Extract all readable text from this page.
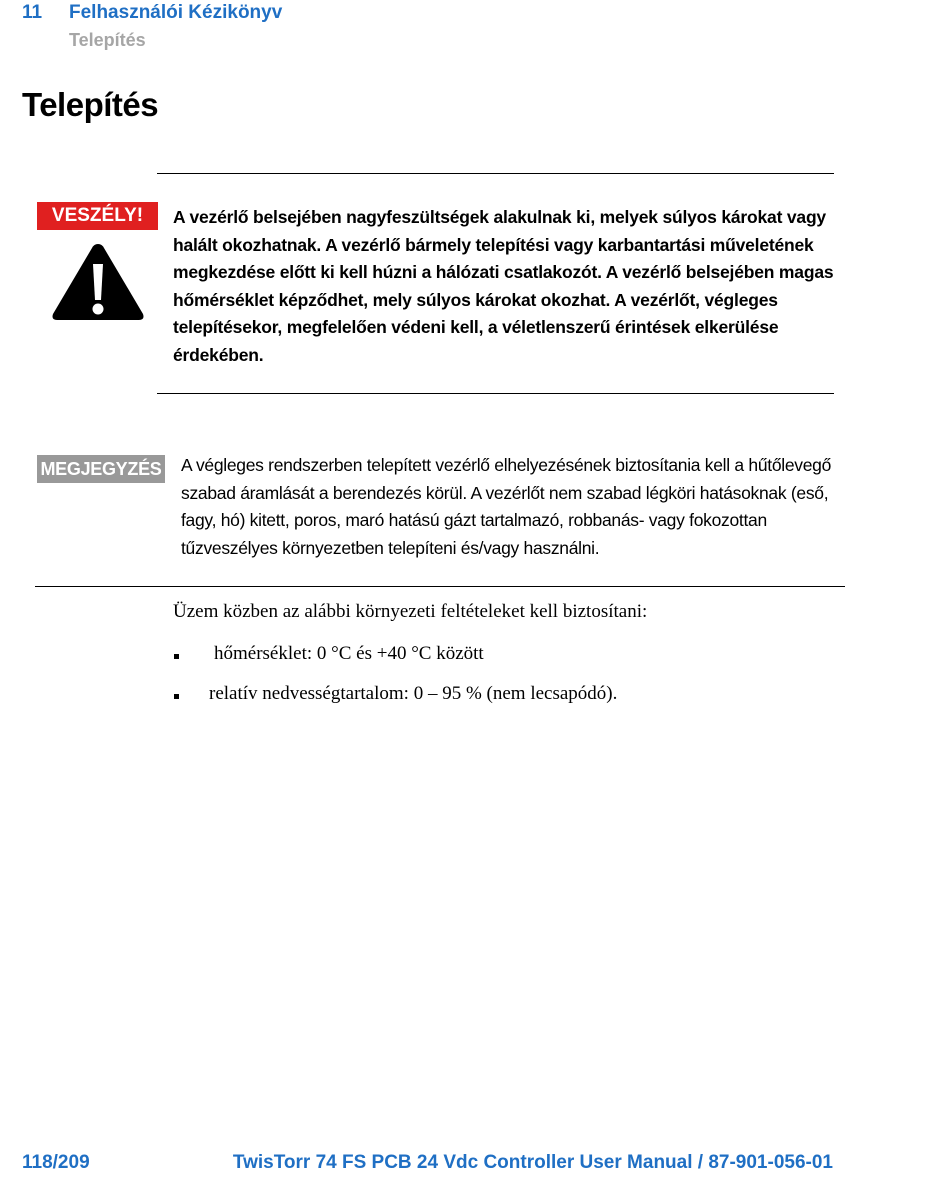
11 Felhasználói Kézikönyv
Telepítés
Telepítés
VESZÉLY!	A vezérlő belsejében nagyfeszültségek alakulnak ki, melyek súlyos károkat vagy halált okozhatnak. A vezérlő bármely telepítési vagy karbantartási műveletének megkezdése előtt ki kell húzni a hálózati csatlakozót. A vezérlő belsejében magas hőmérséklet képződhet, mely súlyos károkat okozhat. A vezérlőt, végleges telepítésekor, megfelelően védeni kell, a véletlenszerű érintések elkerülése érdekében.
MEGJEGYZÉS A végleges rendszerben telepített vezérlő elhelyezésének biztosítania kell a hűtőlevegő szabad áramlását a berendezés körül. A vezérlőt nem szabad légköri hatásoknak (eső, fagy, hó) kitett, poros, maró hatású gázt tartalmazó, robbanás- vagy fokozottan tűzveszélyes környezetben telepíteni és/vagy használni.
Üzem közben az alábbi környezeti feltételeket kell biztosítani:
hőmérséklet: 0 °C és +40 °C között
relatív nedvességtartalom: 0 – 95 % (nem lecsapódó).
118/209	TwisTorr 74 FS PCB 24 Vdc Controller User Manual / 87-901-056-01
